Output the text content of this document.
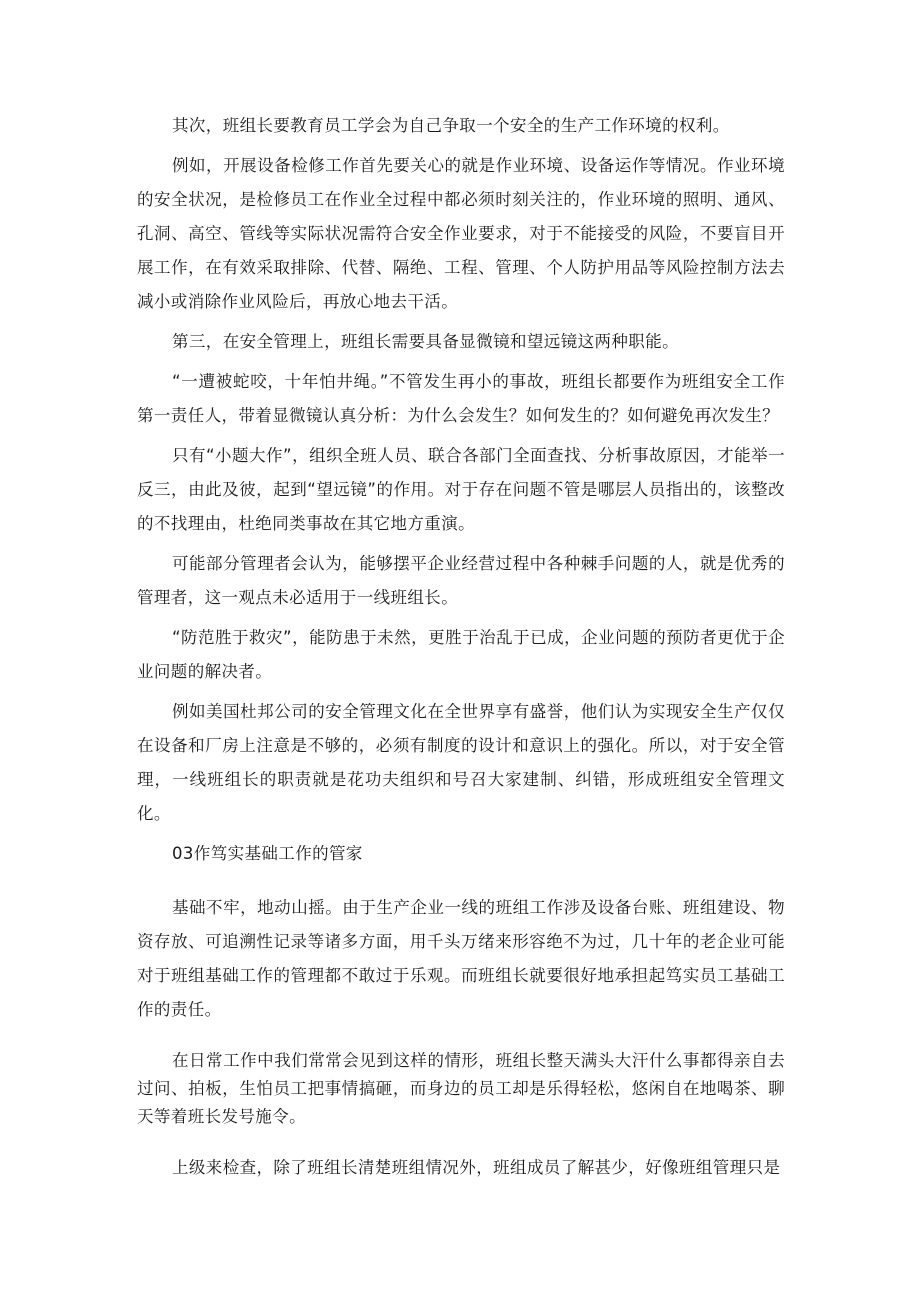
其次，班组长要教育员工学会为自己争取一个安全的生产工作环境的权利。

例如，开展设备检修工作首先要关心的就是作业环境、设备运作等情况。作业环境的安全状况，是检修员工在作业全过程中都必须时刻关注的，作业环境的照明、通风、孔洞、高空、管线等实际状况需符合安全作业要求，对于不能接受的风险，不要盲目开展工作，在有效采取排除、代替、隔绝、工程、管理、个人防护用品等风险控制方法去减小或消除作业风险后，再放心地去干活。

第三，在安全管理上，班组长需要具备显微镜和望远镜这两种职能。

“一遭被蛇咬，十年怕井绳。”不管发生再小的事故，班组长都要作为班组安全工作第一责任人，带着显微镜认真分析：为什么会发生？如何发生的？如何避免再次发生？

只有“小题大作”，组织全班人员、联合各部门全面查找、分析事故原因，才能举一反三，由此及彼，起到“望远镜”的作用。对于存在问题不管是哪层人员指出的，该整改的不找理由，杜绝同类事故在其它地方重演。

可能部分管理者会认为，能够摆平企业经营过程中各种棘手问题的人，就是优秀的管理者，这一观点未必适用于一线班组长。

“防范胜于救灾”，能防患于未然，更胜于治乱于已成，企业问题的预防者更优于企业问题的解决者。

例如美国杜邦公司的安全管理文化在全世界享有盛誉，他们认为实现安全生产仅仅在设备和厂房上注意是不够的，必须有制度的设计和意识上的强化。所以，对于安全管理，一线班组长的职责就是花功夫组织和号召大家建制、纠错，形成班组安全管理文化。

03作笃实基础工作的管家

基础不牢，地动山摇。由于生产企业一线的班组工作涉及设备台账、班组建设、物资存放、可追溯性记录等诸多方面，用千头万绪来形容绝不为过，几十年的老企业可能对于班组基础工作的管理都不敢过于乐观。而班组长就要很好地承担起笃实员工基础工作的责任。

在日常工作中我们常常会见到这样的情形，班组长整天满头大汗什么事都得亲自去过问、拍板，生怕员工把事情搞砸，而身边的员工却是乐得轻松，悠闲自在地喝茶、聊天等着班长发号施令。

上级来检查，除了班组长清楚班组情况外，班组成员了解甚少，好像班组管理只是
